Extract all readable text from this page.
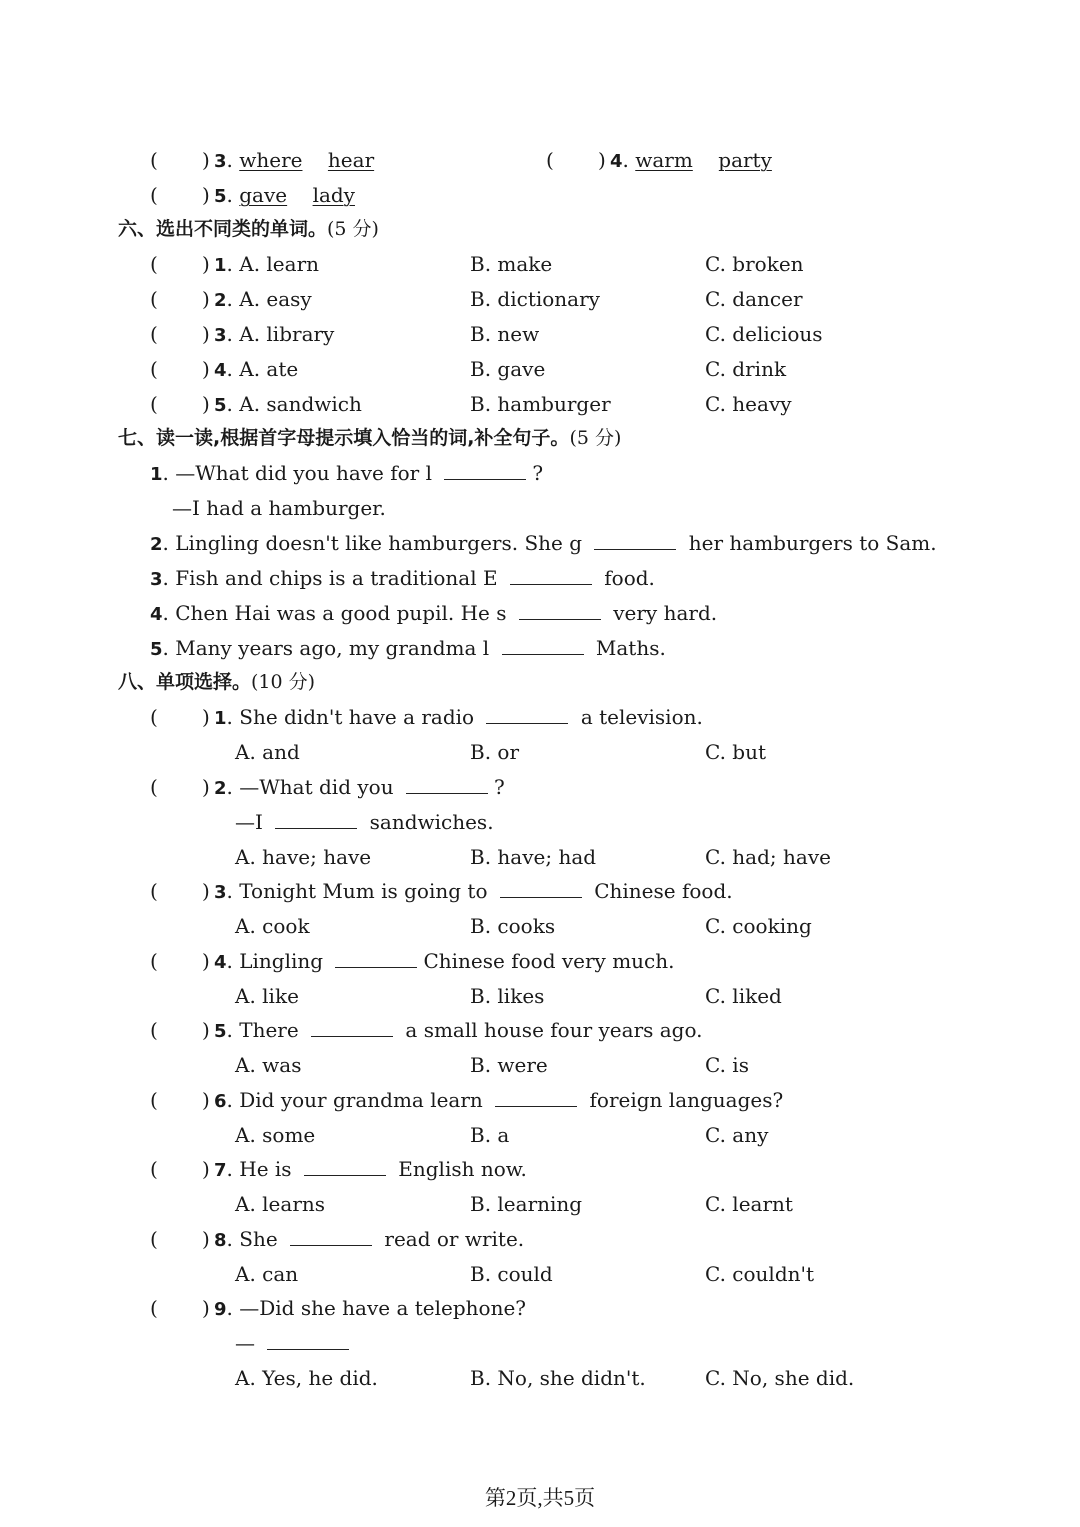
( ) 3. where hear	( ) 4. warm party
( ) 5. gave lady
六、选出不同类的单词。(5 分)
( ) 1. A. learn	B. make	C. broken
( ) 2. A. easy	B. dictionary	C. dancer
( ) 3. A. library	B. new	C. delicious
( ) 4. A. ate	B. gave	C. drink
( ) 5. A. sandwich	B. hamburger	C. heavy
七、读一读,根据首字母提示填入恰当的词,补全句子。(5 分)
1. —What did you have for l	?
—I had a hamburger.
2. Lingling doesn't like hamburgers. She g	her hamburgers to Sam.
3. Fish and chips is a traditional E	food.
4. Chen Hai was a good pupil. He s	very hard.
5. Many years ago, my grandma l	Maths.
八、单项选择。(10 分)
( ) 1. She didn't have a radio	a television.
A. and	B. or	C. but
( ) 2. —What did you	?
—I	sandwiches.
A. have; have	B. have; had	C. had; have
( ) 3. Tonight Mum is going to	Chinese food.
A. cook	B. cooks	C. cooking
( ) 4. Lingling	Chinese food very much.
A. like	B. likes	C. liked
( ) 5. There	a small house four years ago.
A. was	B. were	C. is
( ) 6. Did your grandma learn	foreign languages?
A. some	B. a	C. any
( ) 7. He is	English now.
A. learns	B. learning	C. learnt
( ) 8. She	read or write.
A. can	B. could	C. couldn't
( ) 9. —Did she have a telephone?
—
A. Yes, he did.	B. No, she didn't.	C. No, she did.
第2页,共5页
